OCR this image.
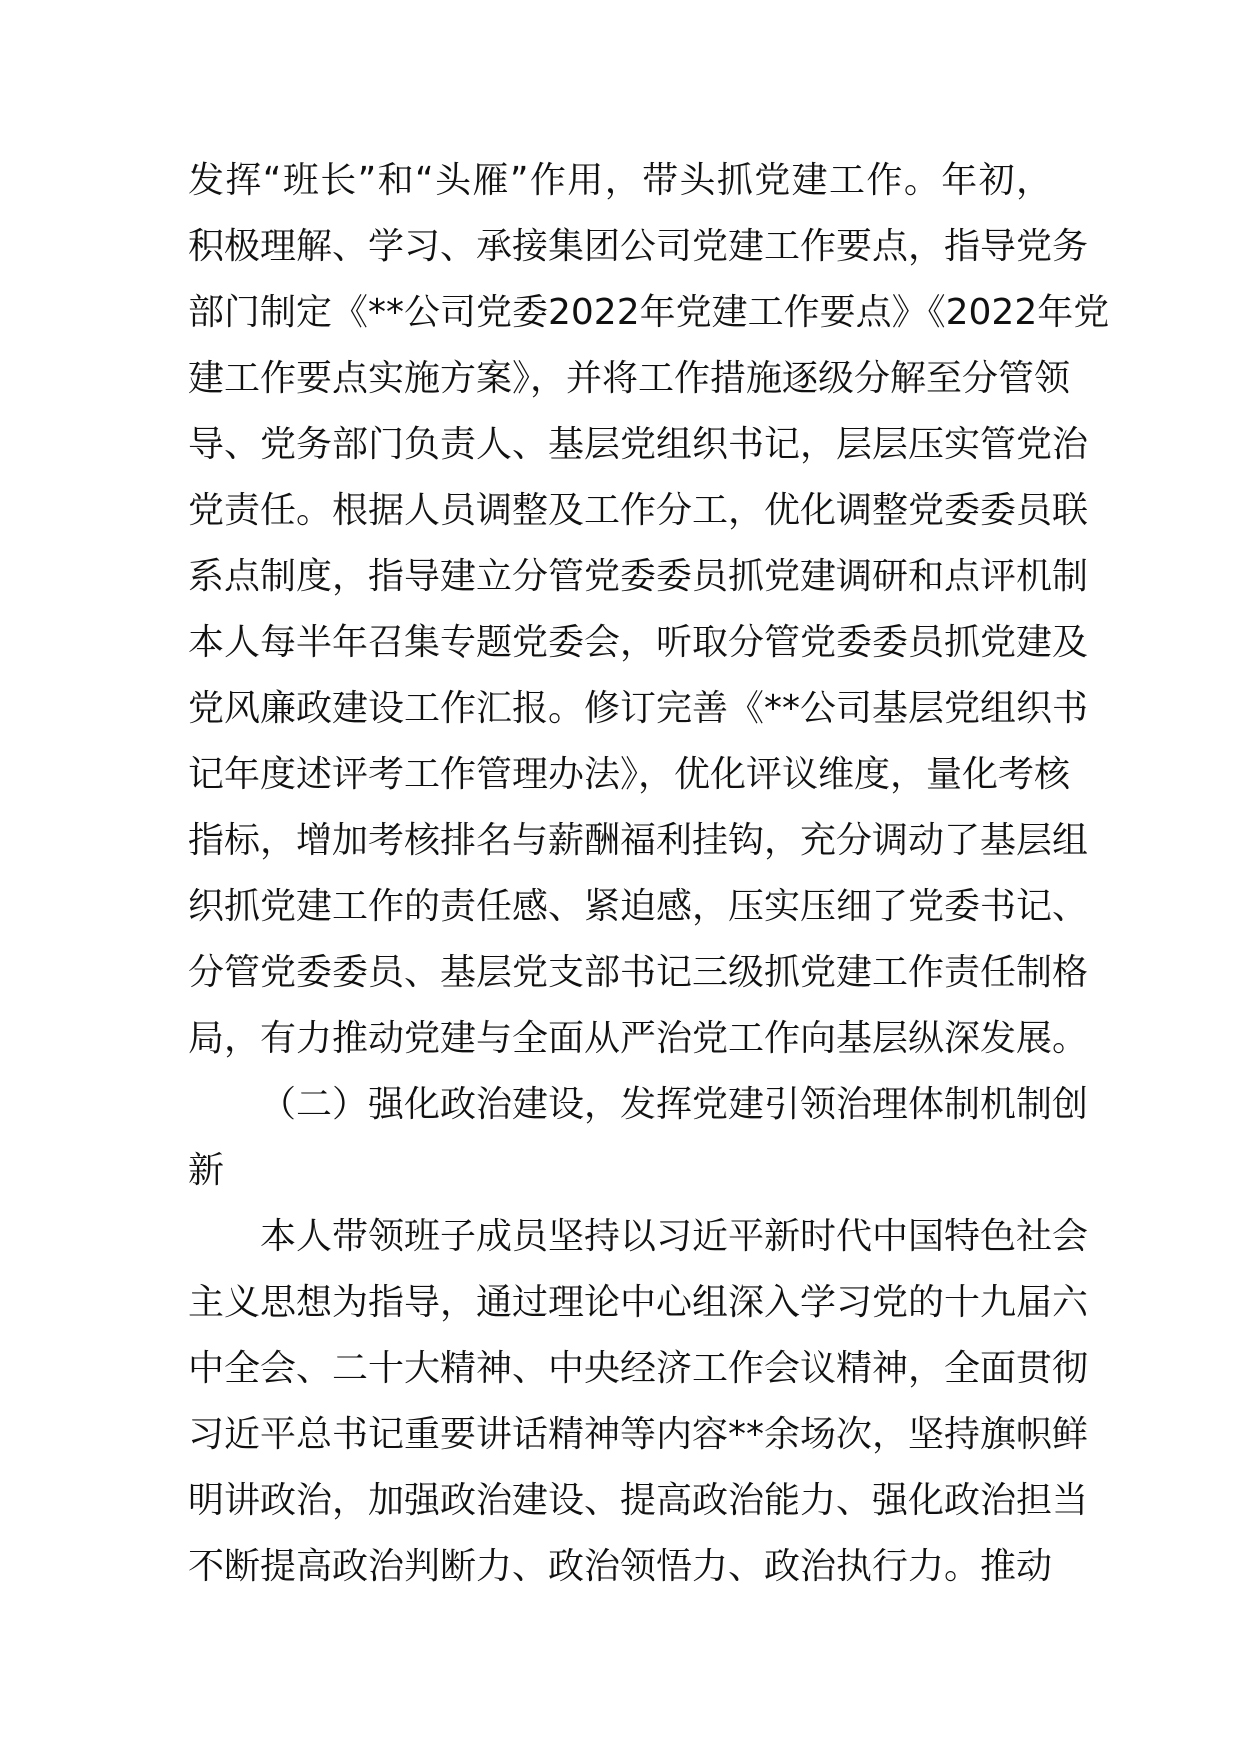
发挥“班长”和“头雁”作用，带头抓党建工作。年初，
积极理解、学习、承接集团公司党建工作要点，指导党务
部门制定《**公司党委2022年党建工作要点》《2022年党
建工作要点实施方案》，并将工作措施逐级分解至分管领
导、党务部门负责人、基层党组织书记，层层压实管党治
党责任。根据人员调整及工作分工，优化调整党委委员联
系点制度，指导建立分管党委委员抓党建调研和点评机制
本人每半年召集专题党委会，听取分管党委委员抓党建及
党风廉政建设工作汇报。修订完善《**公司基层党组织书
记年度述评考工作管理办法》，优化评议维度，量化考核
指标，增加考核排名与薪酬福利挂钩，充分调动了基层组
织抓党建工作的责任感、紧迫感，压实压细了党委书记、
分管党委委员、基层党支部书记三级抓党建工作责任制格
局，有力推动党建与全面从严治党工作向基层纵深发展。
（二）强化政治建设，发挥党建引领治理体制机制创
新
　　本人带领班子成员坚持以习近平新时代中国特色社会
主义思想为指导，通过理论中心组深入学习党的十九届六
中全会、二十大精神、中央经济工作会议精神，全面贯彻
习近平总书记重要讲话精神等内容**余场次，坚持旗帜鲜
明讲政治，加强政治建设、提高政治能力、强化政治担当
不断提高政治判断力、政治领悟力、政治执行力。推动
